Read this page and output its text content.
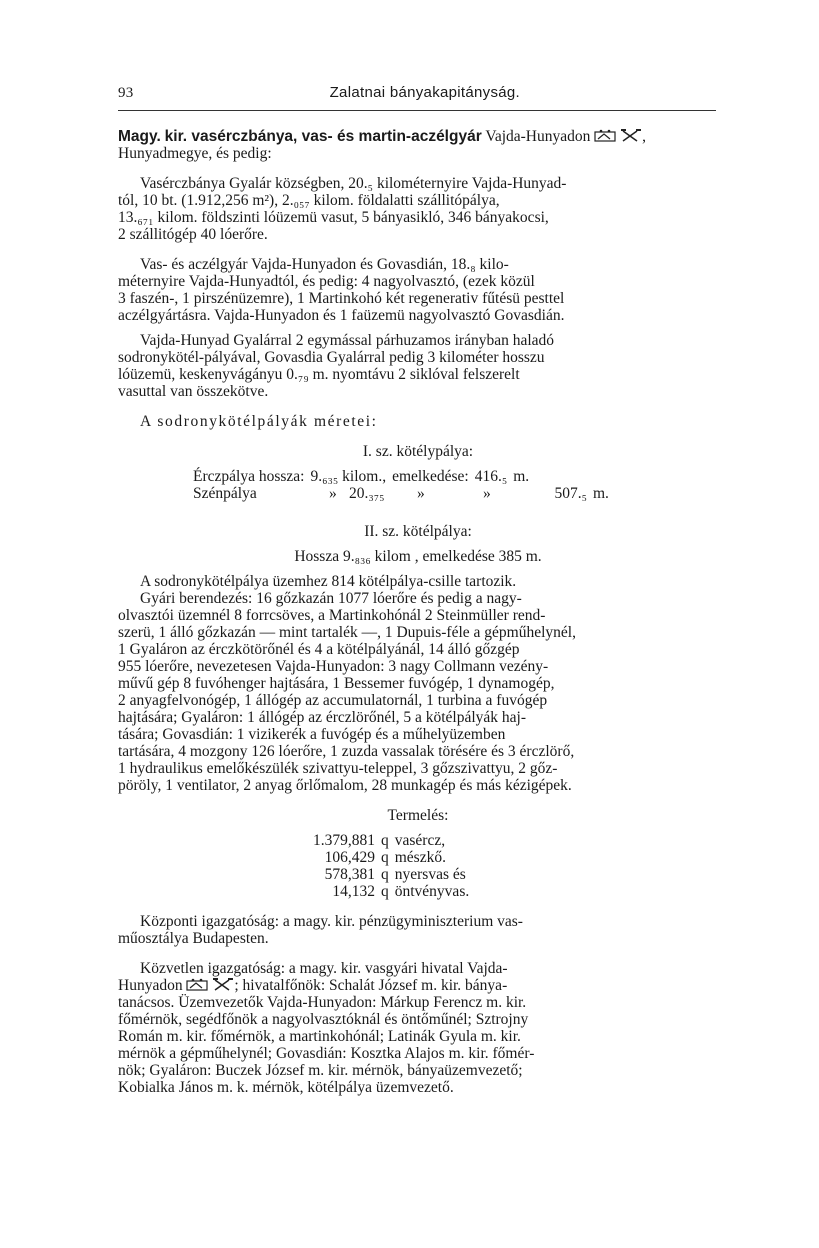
93	Zalatnai bányakapitányság.

Magy. kir. vasérczbánya, vas- és martin-aczélgyár Vajda-Hunyadon	,

Hunyadmegye, és pedig:

Vasérczbánya Gyalár községben, 20.₅ kilométernyire Vajda-Hunyad-

tól, 10 bt. (1.912,256 m²), 2.₀₅₇ kilom. földalatti szállitópálya,

13.₆₇₁ kilom. földszinti lóüzemü vasut, 5 bányasikló, 346 bányakocsi,

2 szállitógép 40 lóerőre.

Vas- és aczélgyár Vajda-Hunyadon és Govasdián, 18.₈ kilo-

méternyire Vajda-Hunyadtól, és pedig: 4 nagyolvasztó, (ezek közül

3 faszén-, 1 pirszénüzemre), 1 Martinkohó két regenerativ fűtésü pesttel

aczélgyártásra. Vajda-Hunyadon és 1 faüzemü nagyolvasztó Govasdián.

Vajda-Hunyad Gyalárral 2 egymással párhuzamos irányban haladó

sodronykötél-pályával, Govasdia Gyalárral pedig 3 kilométer hosszu

lóüzemü, keskenyvágányu 0.₇₉ m. nyomtávu 2 siklóval felszerelt

vasuttal van összekötve.

A sodronykötélpályák méretei:

I. sz. kötélypálya:

Érczpálya hossza:	9.₆₃₅ kilom.,	emelkedése:	416.₅	m.
Szénpálya	»	20.₃₇₅	»	»	507.₅	m.

II. sz. kötélpálya:

Hossza 9.₈₃₆ kilom , emelkedése 385 m.

A sodronykötélpálya üzemhez 814 kötélpálya-csille tartozik.

Gyári berendezés: 16 gőzkazán 1077 lóerőre és pedig a nagy-

olvasztói üzemnél 8 forrcsöves, a Martinkohónál 2 Steinmüller rend-

szerü, 1 álló gőzkazán — mint tartalék —, 1 Dupuis-féle a gépműhelynél,

1 Gyaláron az érczkötörőnél és 4 a kötélpályánál, 14 álló gőzgép

955 lóerőre, nevezetesen Vajda-Hunyadon: 3 nagy Collmann vezény-

művű gép 8 fuvóhenger hajtására, 1 Bessemer fuvógép, 1 dynamogép,

2 anyagfelvonógép, 1 állógép az accumulatornál, 1 turbina a fuvógép

hajtására; Gyaláron: 1 állógép az érczlörőnél, 5 a kötélpályák haj-

tására; Govasdián: 1 vizikerék a fuvógép és a műhelyüzemben

tartására, 4 mozgony 126 lóerőre, 1 zuzda vassalak törésére és 3 érczlörő,

1 hydraulikus emelőkészülék szivattyu-teleppel, 3 gőzszivattyu, 2 gőz-

pöröly, 1 ventilator, 2 anyag őrlőmalom, 28 munkagép és más kézigépek.

Termelés:

1.379,881	q	vasércz,
106,429	q	mészkő.
578,381	q	nyersvas és
14,132	q	öntvényvas.

Központi igazgatóság: a magy. kir. pénzügyminiszterium vas-

műosztálya Budapesten.

Közvetlen igazgatóság: a magy. kir. vasgyári hivatal Vajda-

Hunyadon	; hivatalfőnök: Schalát József m. kir. bánya-

tanácsos. Üzemvezetők Vajda-Hunyadon: Márkup Ferencz m. kir.

főmérnök, segédfőnök a nagyolvasztóknál és öntőműnél; Sztrojny

Román m. kir. főmérnök, a martinkohónál; Latinák Gyula m. kir.

mérnök a gépműhelynél; Govasdián: Kosztka Alajos m. kir. főmér-

nök; Gyaláron: Buczek József m. kir. mérnök, bányaüzemvezető;

Kobialka János m. k. mérnök, kötélpálya üzemvezető.
